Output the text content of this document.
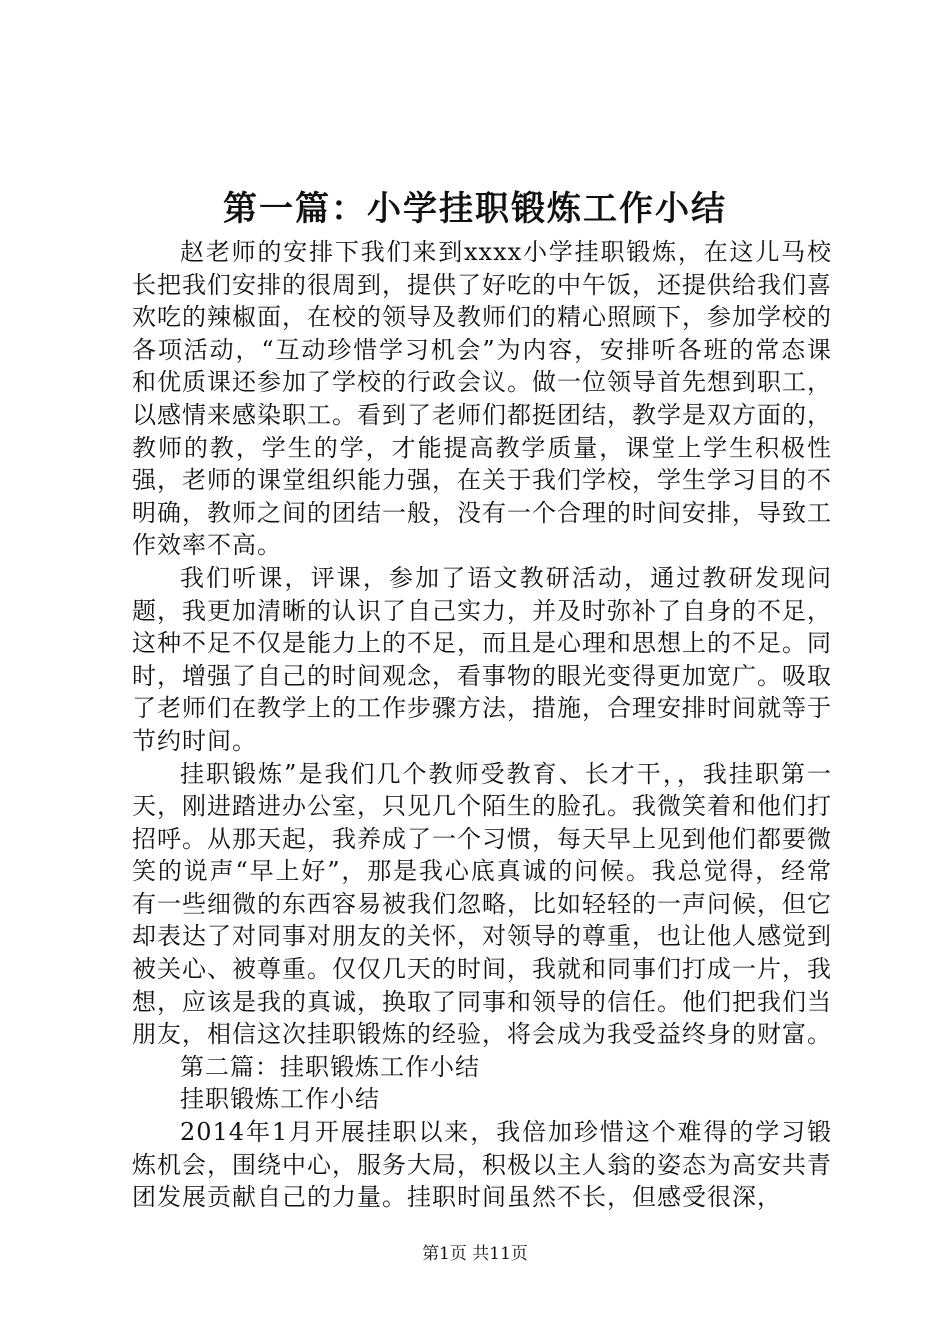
第一篇：小学挂职锻炼工作小结

赵老师的安排下我们来到xxxx小学挂职锻炼，在这儿马校长把我们安排的很周到，提供了好吃的中午饭，还提供给我们喜欢吃的辣椒面，在校的领导及教师们的精心照顾下，参加学校的各项活动，“互动珍惜学习机会”为内容，安排听各班的常态课和优质课还参加了学校的行政会议。做一位领导首先想到职工，以感情来感染职工。看到了老师们都挺团结，教学是双方面的，教师的教，学生的学，才能提高教学质量，课堂上学生积极性强，老师的课堂组织能力强，在关于我们学校，学生学习目的不明确，教师之间的团结一般，没有一个合理的时间安排，导致工作效率不高。

我们听课，评课，参加了语文教研活动，通过教研发现问题，我更加清晰的认识了自己实力，并及时弥补了自身的不足，这种不足不仅是能力上的不足，而且是心理和思想上的不足。同时，增强了自己的时间观念，看事物的眼光变得更加宽广。吸取了老师们在教学上的工作步骤方法，措施，合理安排时间就等于节约时间。

挂职锻炼”是我们几个教师受教育、长才干，，我挂职第一天，刚进踏进办公室，只见几个陌生的脸孔。我微笑着和他们打招呼。从那天起，我养成了一个习惯，每天早上见到他们都要微笑的说声“早上好”，那是我心底真诚的问候。我总觉得，经常有一些细微的东西容易被我们忽略，比如轻轻的一声问候，但它却表达了对同事对朋友的关怀，对领导的尊重，也让他人感觉到被关心、被尊重。仅仅几天的时间，我就和同事们打成一片，我想，应该是我的真诚，换取了同事和领导的信任。他们把我们当朋友，相信这次挂职锻炼的经验，将会成为我受益终身的财富。

第二篇：挂职锻炼工作小结

挂职锻炼工作小结

2014年1月开展挂职以来，我倍加珍惜这个难得的学习锻炼机会，围绕中心，服务大局，积极以主人翁的姿态为高安共青团发展贡献自己的力量。挂职时间虽然不长，但感受很深，

第1页 共11页
